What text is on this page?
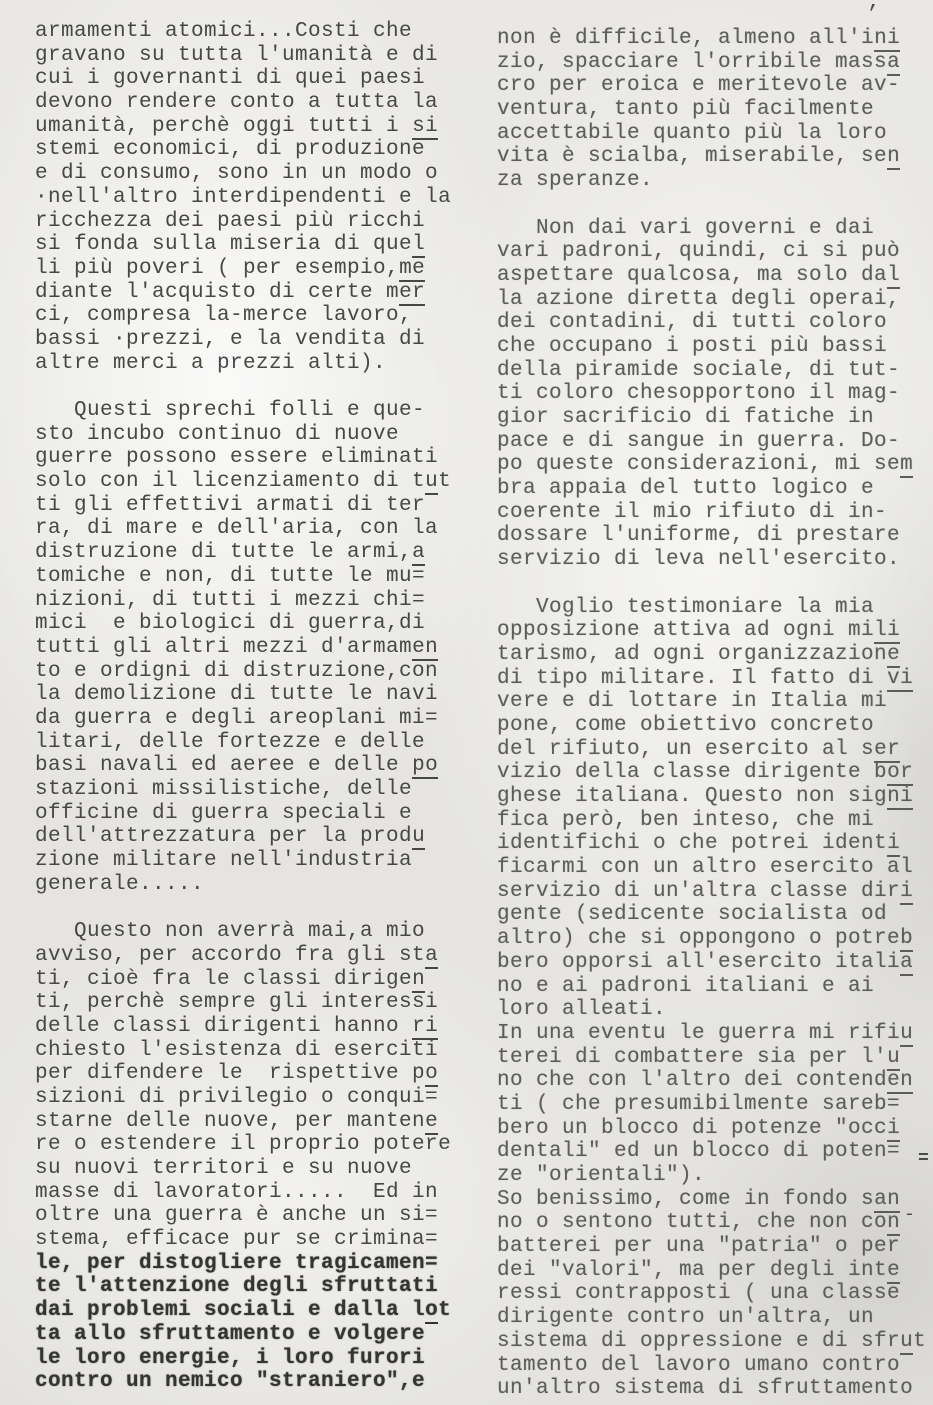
armamenti atomici...Costi che
gravano su tutta l'umanità e di
cui i governanti di quei paesi
devono rendere conto a tutta la
umanità, perchè oggi tutti i si
stemi economici, di produzione
e di consumo, sono in un modo o
·nell'altro interdipendenti e la
ricchezza dei paesi più ricchi
si fonda sulla miseria di quel
li più poveri ( per esempio,me
diante l'acquisto di certe mer
ci, compresa la-merce lavoro,
bassi ·prezzi, e la vendita di
altre merci a prezzi alti).

Questi sprechi folli e que-
sto incubo continuo di nuove
guerre possono essere eliminati
solo con il licenziamento di tut
ti gli effettivi armati di ter
ra, di mare e dell'aria, con la
distruzione di tutte le armi,a
tomiche e non, di tutte le mu=
nizioni, di tutti i mezzi chi=
mici  e biologici di guerra,di
tutti gli altri mezzi d'armamen
to e ordigni di distruzione,con
la demolizione di tutte le navi
da guerra e degli areoplani mi=
litari, delle fortezze e delle
basi navali ed aeree e delle po
stazioni missilistiche, delle
officine di guerra speciali e
dell'attrezzatura per la produ
zione militare nell'industria
generale.....

Questo non averrà mai,a mio
avviso, per accordo fra gli sta
ti, cioè fra le classi dirigen
ti, perchè sempre gli interessi
delle classi dirigenti hanno ri
chiesto l'esistenza di eserciti
per difendere le  rispettive po
sizioni di privilegio o conqui=
starne delle nuove, per mantene
re o estendere il proprio potere
su nuovi territori e su nuove
masse di lavoratori.....  Ed in
oltre una guerra è anche un si=
stema, efficace pur se crimina=
le, per distogliere tragicamen=
te l'attenzione degli sfruttati
dai problemi sociali e dalla lot
ta allo sfruttamento e volgere
le loro energie, i loro furori
contro un nemico "straniero",e
non è difficile, almeno all'ini
zio, spacciare l'orribile massa
cro per eroica e meritevole av-
ventura, tanto più facilmente
accettabile quanto più la loro
vita è scialba, miserabile, sen
za speranze.

Non dai vari governi e dai
vari padroni, quindi, ci si può
aspettare qualcosa, ma solo dal
la azione diretta degli operai,
dei contadini, di tutti coloro
che occupano i posti più bassi
della piramide sociale, di tut-
ti coloro chesopportono il mag-
gior sacrificio di fatiche in
pace e di sangue in guerra. Do-
po queste considerazioni, mi sem
bra appaia del tutto logico e
coerente il mio rifiuto di in-
dossare l'uniforme, di prestare
servizio di leva nell'esercito.

Voglio testimoniare la mia
opposizione attiva ad ogni mili
tarismo, ad ogni organizzazione
di tipo militare. Il fatto di vi
vere e di lottare in Italia mi
pone, come obiettivo concreto
del rifiuto, un esercito al ser
vizio della classe dirigente bor
ghese italiana. Questo non signi
fica però, ben inteso, che mi
identifichi o che potrei identi
ficarmi con un altro esercito al
servizio di un'altra classe diri
gente (sedicente socialista od
altro) che si oppongono o potreb
bero opporsi all'esercito italia
no e ai padroni italiani e ai
loro alleati.
In una eventu le guerra mi rifiu
terei di combattere sia per l'u
no che con l'altro dei contenden
ti ( che presumibilmente sareb=
bero un blocco di potenze "occi
dentali" ed un blocco di poten=
ze "orientali").
So benissimo, come in fondo san
no o sentono tutti, che non con
batterei per una "patria" o per
dei "valori", ma per degli inte
ressi contrapposti ( una classe
dirigente contro un'altra, un
sistema di oppressione e di sfrut
tamento del lavoro umano contro
un'altro sistema di sfruttamento
’
=
-
